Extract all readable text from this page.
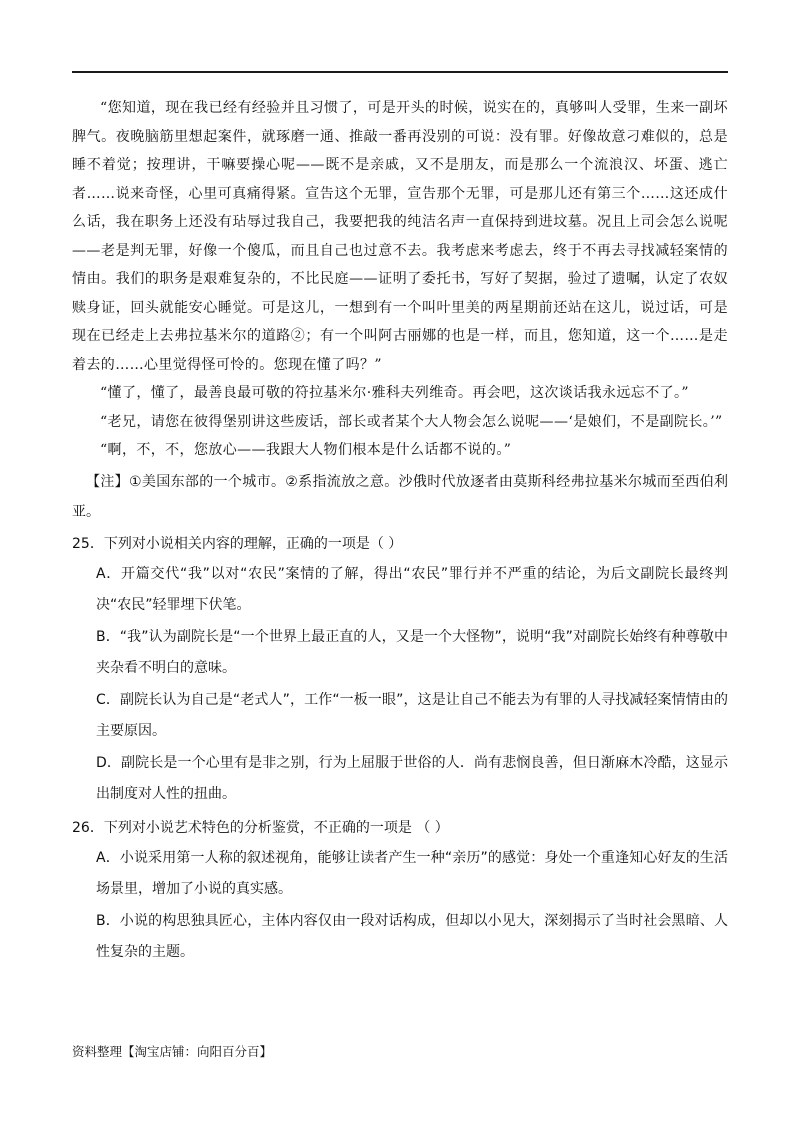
“您知道，现在我已经有经验并且习惯了，可是开头的时候，说实在的，真够叫人受罪，生来一副坏脾气。夜晚脑筋里想起案件，就琢磨一通、推敲一番再没别的可说：没有罪。好像故意刁难似的，总是睡不着觉；按理讲，干嘛要操心呢——既不是亲戚，又不是朋友，而是那么一个流浪汉、坏蛋、逃亡者……说来奇怪，心里可真痛得紧。宣告这个无罪，宣告那个无罪，可是那儿还有第三个……这还成什么话，我在职务上还没有玷辱过我自己，我要把我的纯洁名声一直保持到进坟墓。况且上司会怎么说呢——老是判无罪，好像一个傻瓜，而且自己也过意不去。我考虑来考虑去，终于不再去寻找减轻案情的情由。我们的职务是艰难复杂的，不比民庭——证明了委托书，写好了契据，验过了遗嘱，认定了农奴赎身证，回头就能安心睡觉。可是这儿，一想到有一个叫叶里美的两星期前还站在这儿，说过话，可是现在已经走上去弗拉基米尔的道路②；有一个叫阿古丽娜的也是一样，而且，您知道，这一个……是走着去的……心里觉得怪可怜的。您现在懂了吗？”

“懂了，懂了，最善良最可敬的符拉基米尔·雅科夫列维奇。再会吧，这次谈话我永远忘不了。”

“老兄，请您在彼得堡别讲这些废话，部长或者某个大人物会怎么说呢——‘是娘们，不是副院长。’”

“啊，不，不，您放心——我跟大人物们根本是什么话都不说的。”

【注】①美国东部的一个城市。②系指流放之意。沙俄时代放逐者由莫斯科经弗拉基米尔城而至西伯利亚。

25．下列对小说相关内容的理解，正确的一项是（ ）

A．开篇交代“我”以对“农民”案情的了解，得出“农民”罪行并不严重的结论，为后文副院长最终判决“农民”轻罪埋下伏笔。

B．“我”认为副院长是“一个世界上最正直的人，又是一个大怪物”，说明“我”对副院长始终有种尊敬中夹杂看不明白的意味。

C．副院长认为自己是“老式人”，工作“一板一眼”，这是让自己不能去为有罪的人寻找减轻案情情由的主要原因。

D．副院长是一个心里有是非之别，行为上屈服于世俗的人．尚有悲悯良善，但日渐麻木冷酷，这显示出制度对人性的扭曲。

26．下列对小说艺术特色的分析鉴赏，不正确的一项是 （ ）

A．小说采用第一人称的叙述视角，能够让读者产生一种“亲历”的感觉：身处一个重逢知心好友的生活场景里，增加了小说的真实感。

B．小说的构思独具匠心，主体内容仅由一段对话构成，但却以小见大，深刻揭示了当时社会黑暗、人性复杂的主题。

资料整理【淘宝店铺：向阳百分百】
